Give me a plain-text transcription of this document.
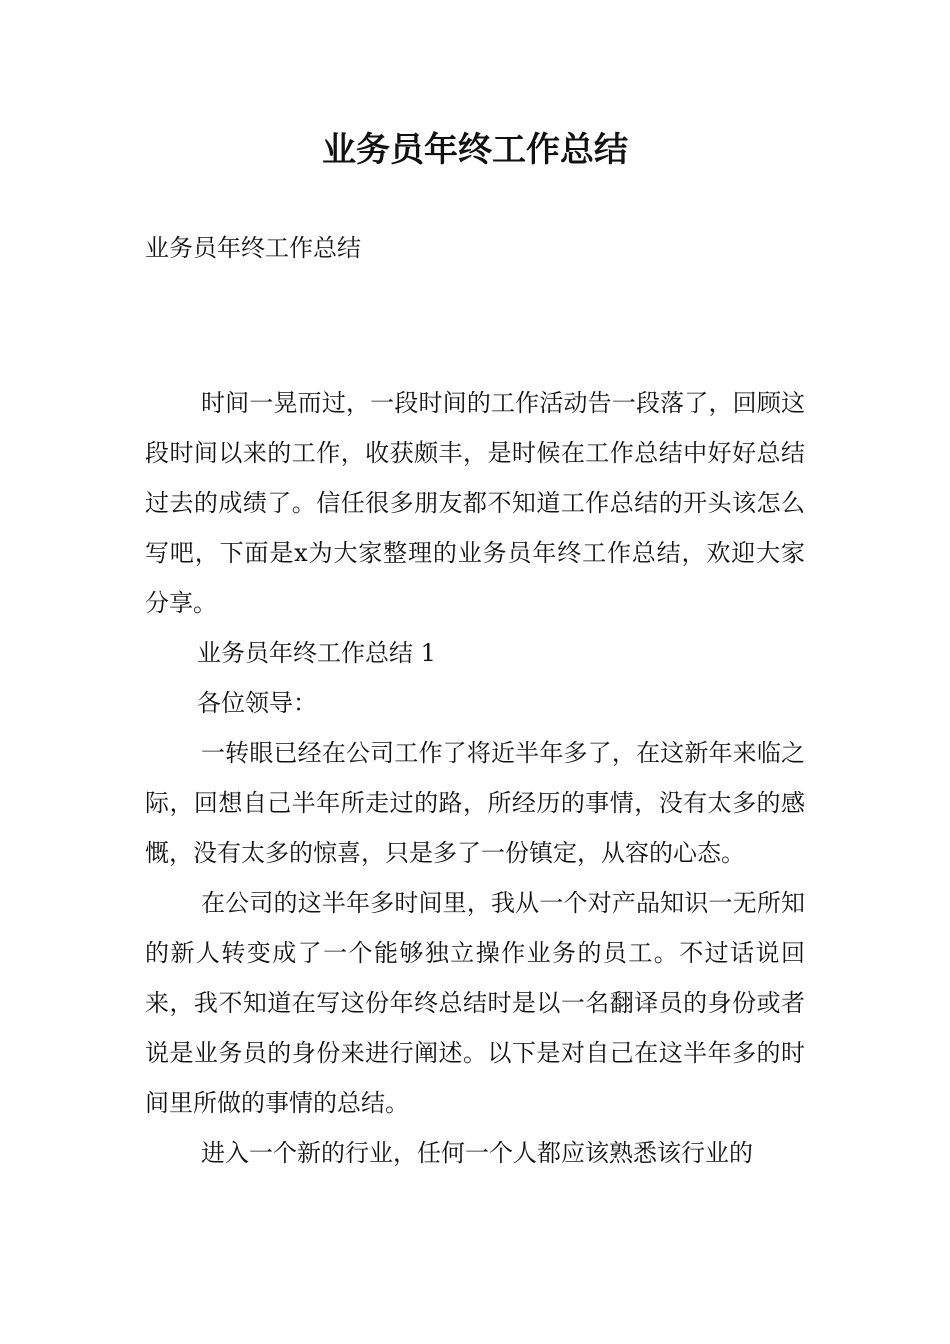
业务员年终工作总结

业务员年终工作总结

时间一晃而过，一段时间的工作活动告一段落了，回顾这段时间以来的工作，收获颇丰，是时候在工作总结中好好总结过去的成绩了。信任很多朋友都不知道工作总结的开头该怎么写吧，下面是x为大家整理的业务员年终工作总结，欢迎大家分享。

业务员年终工作总结 1

各位领导：

一转眼已经在公司工作了将近半年多了，在这新年来临之际，回想自己半年所走过的路，所经历的事情，没有太多的感慨，没有太多的惊喜，只是多了一份镇定，从容的心态。

在公司的这半年多时间里，我从一个对产品知识一无所知的新人转变成了一个能够独立操作业务的员工。不过话说回来，我不知道在写这份年终总结时是以一名翻译员的身份或者说是业务员的身份来进行阐述。以下是对自己在这半年多的时间里所做的事情的总结。

进入一个新的行业，任何一个人都应该熟悉该行业的
